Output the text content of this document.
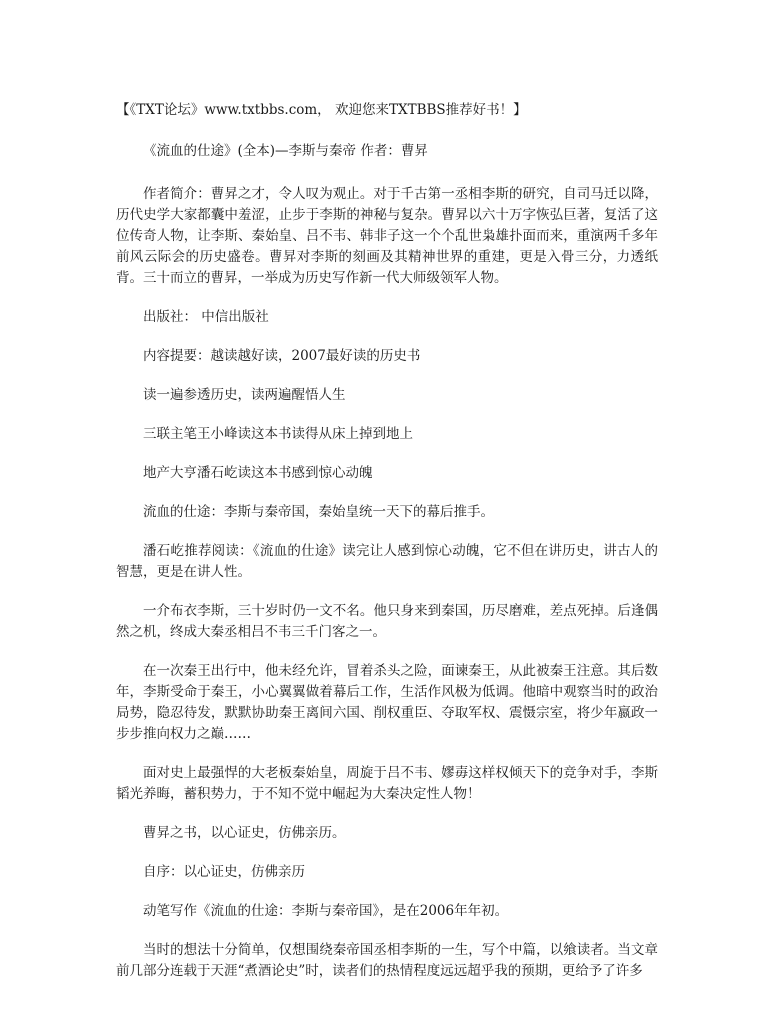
【《TXT论坛》www.txtbbs.com， 欢迎您来TXTBBS推荐好书！】

《流血的仕途》(全本)—李斯与秦帝 作者：曹昇

作者简介：曹昇之才，令人叹为观止。对于千古第一丞相李斯的研究，自司马迁以降，历代史学大家都囊中羞涩，止步于李斯的神秘与复杂。曹昇以六十万字恢弘巨著，复活了这位传奇人物，让李斯、秦始皇、吕不韦、韩非子这一个个乱世枭雄扑面而来，重演两千多年前风云际会的历史盛卷。曹昇对李斯的刻画及其精神世界的重建，更是入骨三分，力透纸背。三十而立的曹昇，一举成为历史写作新一代大师级领军人物。

出版社： 中信出版社

内容提要：越读越好读，2007最好读的历史书

读一遍参透历史，读两遍醒悟人生

三联主笔王小峰读这本书读得从床上掉到地上

地产大亨潘石屹读这本书感到惊心动魄

流血的仕途：李斯与秦帝国，秦始皇统一天下的幕后推手。

潘石屹推荐阅读：《流血的仕途》读完让人感到惊心动魄，它不但在讲历史，讲古人的智慧，更是在讲人性。

一介布衣李斯，三十岁时仍一文不名。他只身来到秦国，历尽磨难，差点死掉。后逢偶然之机，终成大秦丞相吕不韦三千门客之一。

在一次秦王出行中，他未经允许，冒着杀头之险，面谏秦王，从此被秦王注意。其后数年，李斯受命于秦王，小心翼翼做着幕后工作，生活作风极为低调。他暗中观察当时的政治局势，隐忍待发，默默协助秦王离间六国、削权重臣、夺取军权、震慑宗室，将少年嬴政一步步推向权力之巅……

面对史上最强悍的大老板秦始皇，周旋于吕不韦、嫪毐这样权倾天下的竞争对手，李斯韬光养晦，蓄积势力，于不知不觉中崛起为大秦决定性人物！

曹昇之书，以心证史，仿佛亲历。

自序：以心证史，仿佛亲历

动笔写作《流血的仕途：李斯与秦帝国》，是在2006年年初。

当时的想法十分简单，仅想围绕秦帝国丞相李斯的一生，写个中篇，以飨读者。当文章前几部分连载于天涯“煮酒论史”时，读者们的热情程度远远超乎我的预期，更给予了许多
